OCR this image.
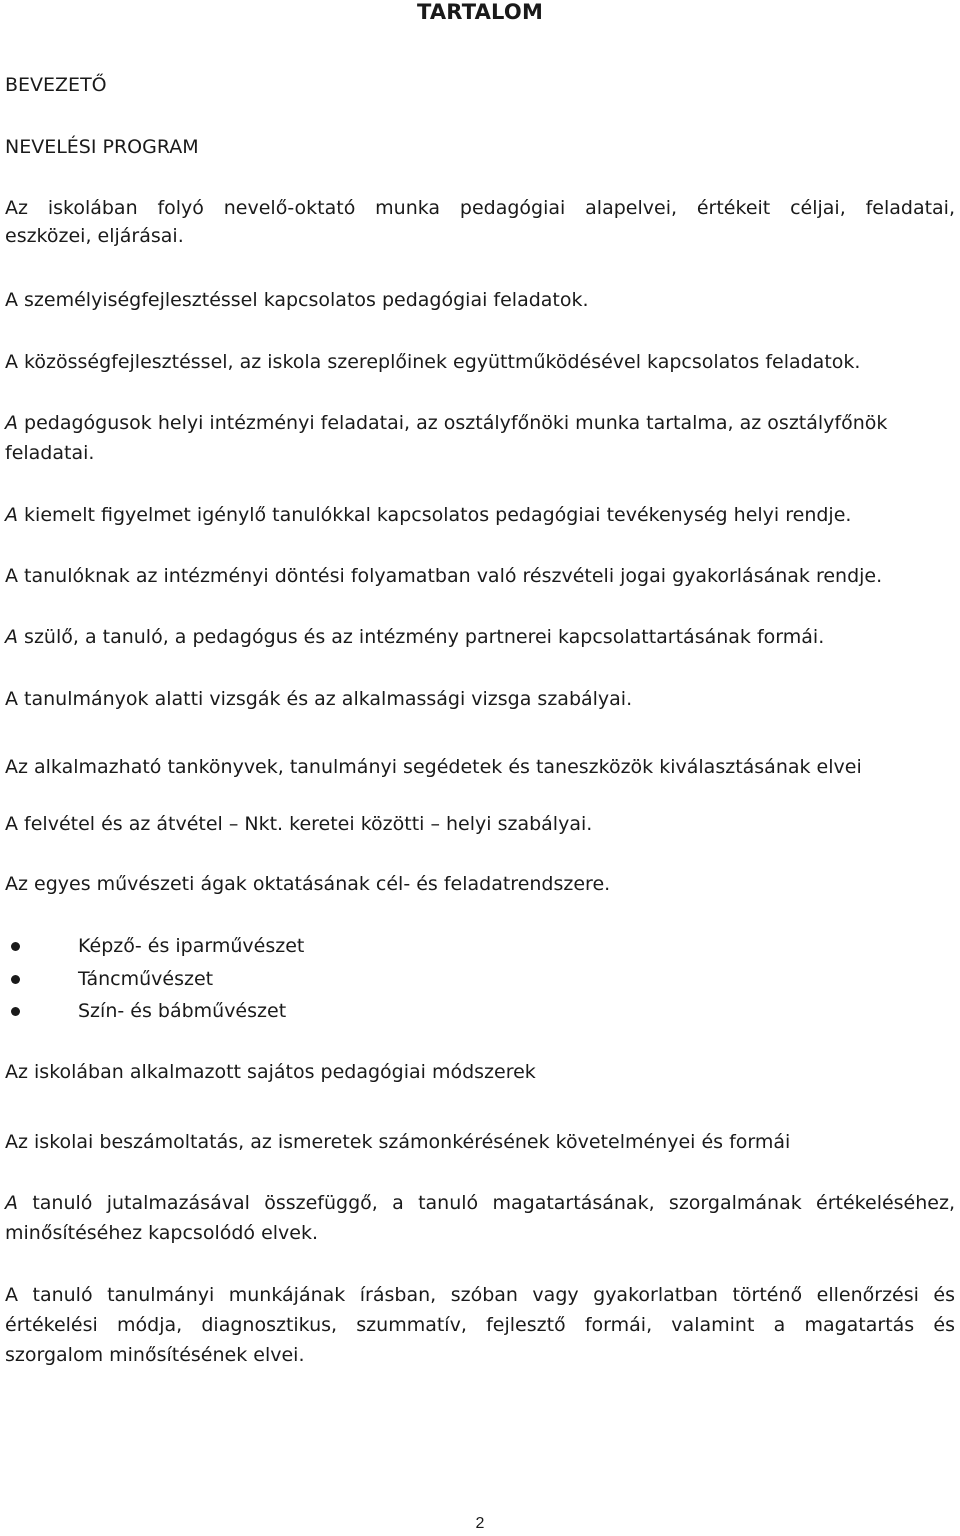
TARTALOM
BEVEZETŐ
NEVELÉSI PROGRAM
Az iskolában folyó nevelő-oktató munka pedagógiai alapelvei, értékeit céljai, feladatai,
eszközei, eljárásai.
A személyiségfejlesztéssel kapcsolatos pedagógiai feladatok.
A közösségfejlesztéssel, az iskola szereplőinek együttműködésével kapcsolatos feladatok.
A pedagógusok helyi intézményi feladatai, az osztályfőnöki munka tartalma, az osztályfőnök
feladatai.
A kiemelt figyelmet igénylő tanulókkal kapcsolatos pedagógiai tevékenység helyi rendje.
A tanulóknak az intézményi döntési folyamatban való részvételi jogai gyakorlásának rendje.
A szülő, a tanuló, a pedagógus és az intézmény partnerei kapcsolattartásának formái.
A tanulmányok alatti vizsgák és az alkalmassági vizsga szabályai.
Az alkalmazható tankönyvek, tanulmányi segédetek és taneszközök kiválasztásának elvei
A felvétel és az átvétel – Nkt. keretei közötti – helyi szabályai.
Az egyes művészeti ágak oktatásának cél- és feladatrendszere.
Képző- és iparművészet
Táncművészet
Szín- és bábművészet
Az iskolában alkalmazott sajátos pedagógiai módszerek
Az iskolai beszámoltatás, az ismeretek számonkérésének követelményei és formái
A tanuló jutalmazásával összefüggő, a tanuló magatartásának, szorgalmának értékeléséhez,
minősítéséhez kapcsolódó elvek.
A tanuló tanulmányi munkájának írásban, szóban vagy gyakorlatban történő ellenőrzési és
értékelési módja, diagnosztikus, szummatív, fejlesztő formái, valamint a magatartás és
szorgalom minősítésének elvei.
2
